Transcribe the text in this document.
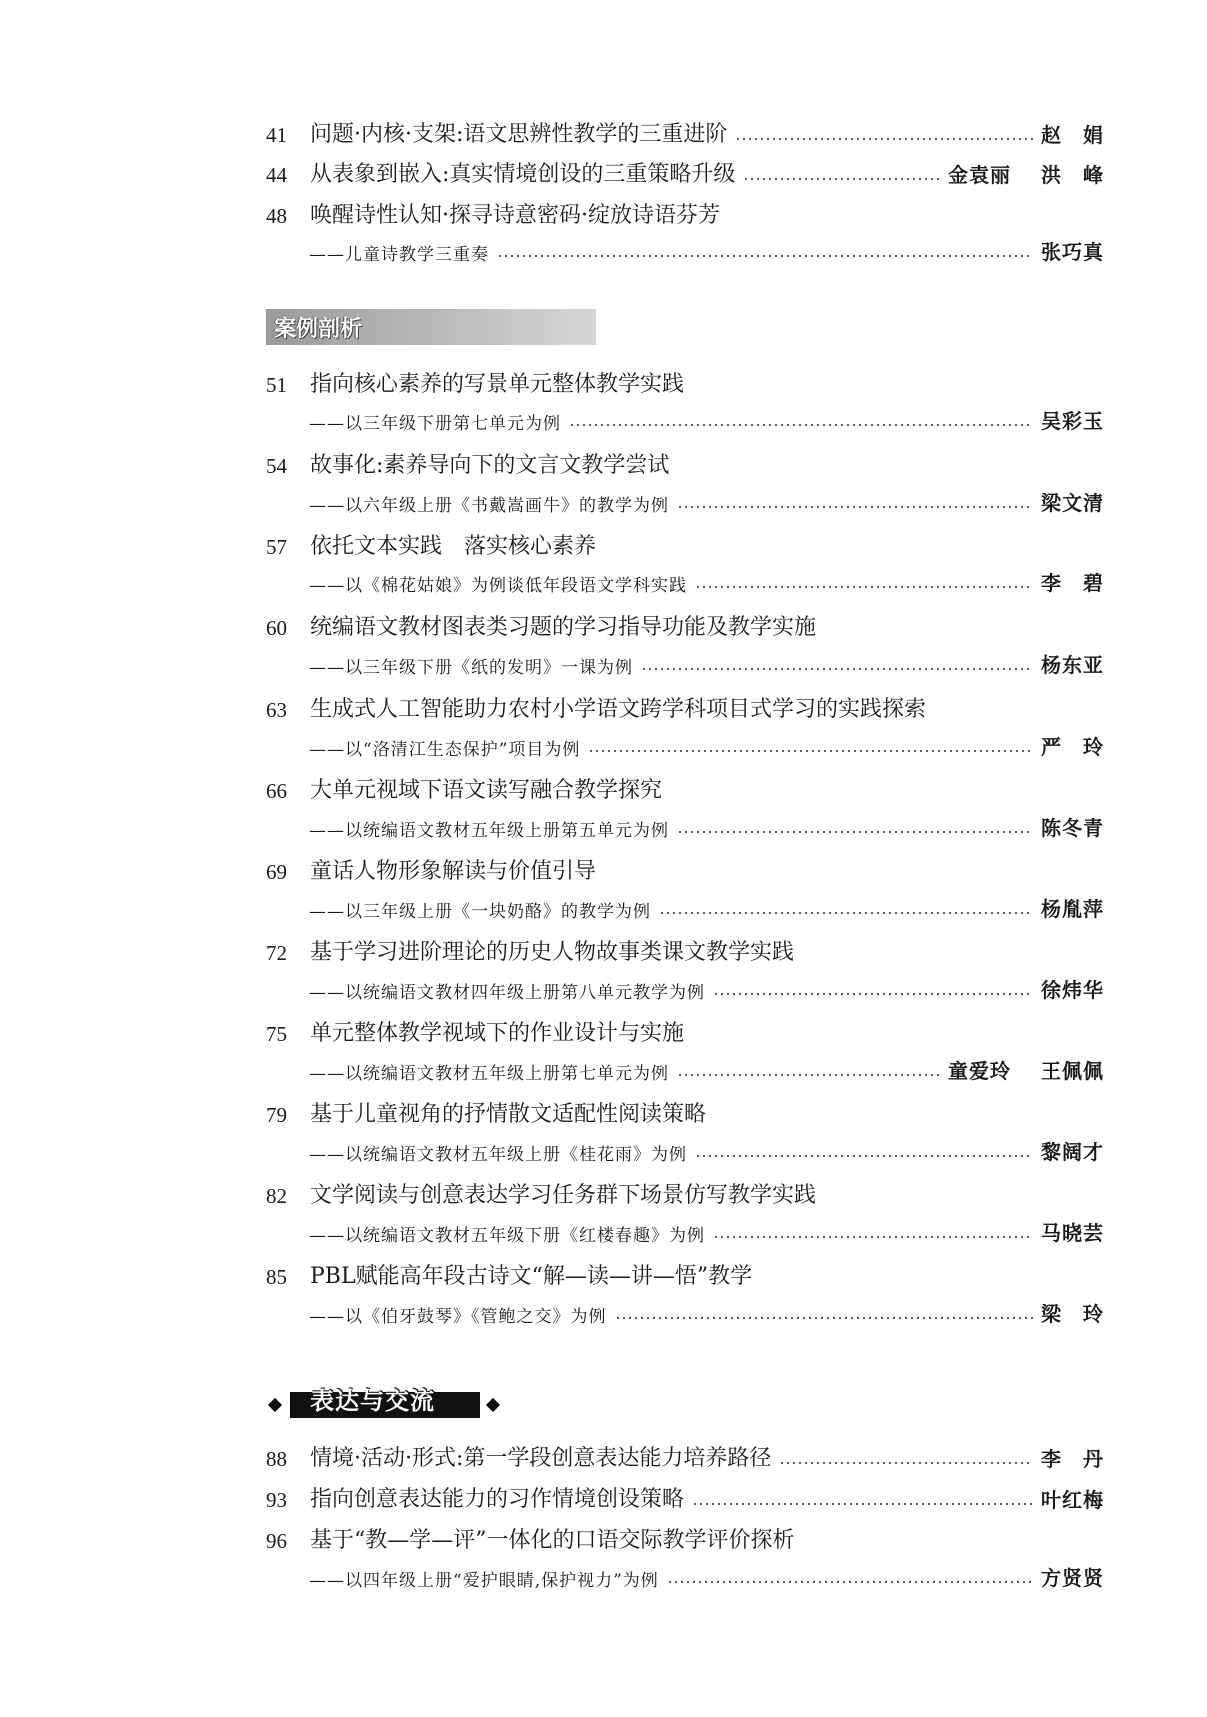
41	问题·内核·支架:语文思辨性教学的三重进阶	赵　娟
44	从表象到嵌入:真实情境创设的三重策略升级	金袁丽 洪　峰
48	唤醒诗性认知·探寻诗意密码·绽放诗语芬芳
——儿童诗教学三重奏	张巧真
案例剖析
51	指向核心素养的写景单元整体教学实践
——以三年级下册第七单元为例	吴彩玉
54	故事化:素养导向下的文言文教学尝试
——以六年级上册《书戴嵩画牛》的教学为例	梁文清
57	依托文本实践　落实核心素养
——以《棉花姑娘》为例谈低年段语文学科实践	李　碧
60	统编语文教材图表类习题的学习指导功能及教学实施
——以三年级下册《纸的发明》一课为例	杨东亚
63	生成式人工智能助力农村小学语文跨学科项目式学习的实践探索
——以“洛清江生态保护”项目为例	严　玲
66	大单元视域下语文读写融合教学探究
——以统编语文教材五年级上册第五单元为例	陈冬青
69	童话人物形象解读与价值引导
——以三年级上册《一块奶酪》的教学为例	杨胤萍
72	基于学习进阶理论的历史人物故事类课文教学实践
——以统编语文教材四年级上册第八单元教学为例	徐炜华
75	单元整体教学视域下的作业设计与实施
——以统编语文教材五年级上册第七单元为例	童爱玲 王佩佩
79	基于儿童视角的抒情散文适配性阅读策略
——以统编语文教材五年级上册《桂花雨》为例	黎阔才
82	文学阅读与创意表达学习任务群下场景仿写教学实践
——以统编语文教材五年级下册《红楼春趣》为例	马晓芸
85	PBL赋能高年段古诗文“解—读—讲—悟”教学
——以《伯牙鼓琴》《管鲍之交》为例	梁　玲
表达与交流
88	情境·活动·形式:第一学段创意表达能力培养路径	李　丹
93	指向创意表达能力的习作情境创设策略	叶红梅
96	基于“教—学—评”一体化的口语交际教学评价探析
——以四年级上册“爱护眼睛,保护视力”为例	方贤贤
